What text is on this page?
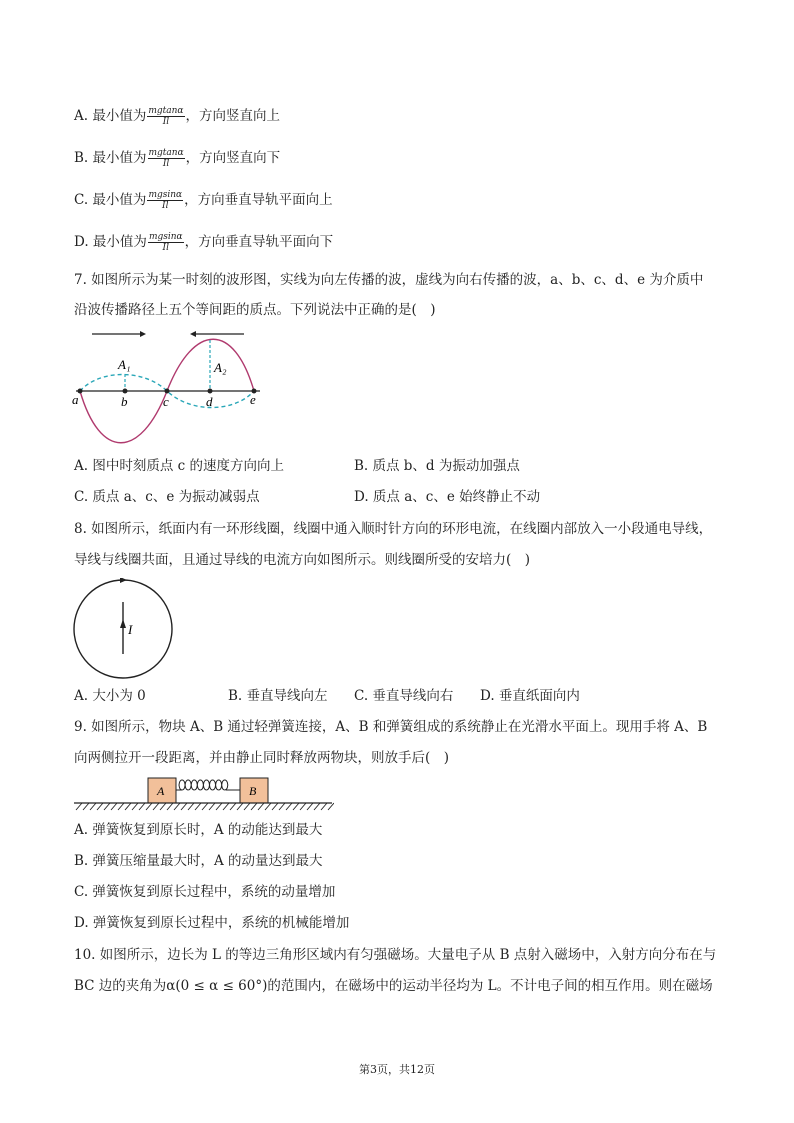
A. 最小值为 $\frac{mgtan\alpha}{Il}$ ，方向竖直向上
B. 最小值为 $\frac{mgtan\alpha}{Il}$ ，方向竖直向下
C. 最小值为 $\frac{mgsin\alpha}{Il}$ ，方向垂直导轨平面向上
D. 最小值为 $\frac{mgsin\alpha}{Il}$ ，方向垂直导轨平面向下
7. 如图所示为某一时刻的波形图，实线为向左传播的波，虚线为向右传播的波，a、b、c、d、e 为介质中
沿波传播路径上五个等间距的质点。下列说法中正确的是(　)
A₁	A₂
a	b	c	d	e
A. 图中时刻质点 c 的速度方向向上	B. 质点 b、d 为振动加强点
C. 质点 a、c、e 为振动减弱点	D. 质点 a、c、e 始终静止不动
8. 如图所示，纸面内有一环形线圈，线圈中通入顺时针方向的环形电流，在线圈内部放入一小段通电导线，
导线与线圈共面，且通过导线的电流方向如图所示。则线圈所受的安培力(　)
I
A. 大小为 0	B. 垂直导线向左 C. 垂直导线向右 D. 垂直纸面向内
9. 如图所示，物块 A、B 通过轻弹簧连接，A、B 和弹簧组成的系统静止在光滑水平面上。现用手将 A、B
向两侧拉开一段距离，并由静止同时释放两物块，则放手后(　)
A	B
A. 弹簧恢复到原长时，A 的动能达到最大
B. 弹簧压缩量最大时，A 的动量达到最大
C. 弹簧恢复到原长过程中，系统的动量增加
D. 弹簧恢复到原长过程中，系统的机械能增加
10. 如图所示，边长为 L 的等边三角形区域内有匀强磁场。大量电子从 B 点射入磁场中，入射方向分布在与
BC 边的夹角为α(0 ≤ α ≤ 60°)的范围内，在磁场中的运动半径均为 L。不计电子间的相互作用。则在磁场
第3页，共12页
